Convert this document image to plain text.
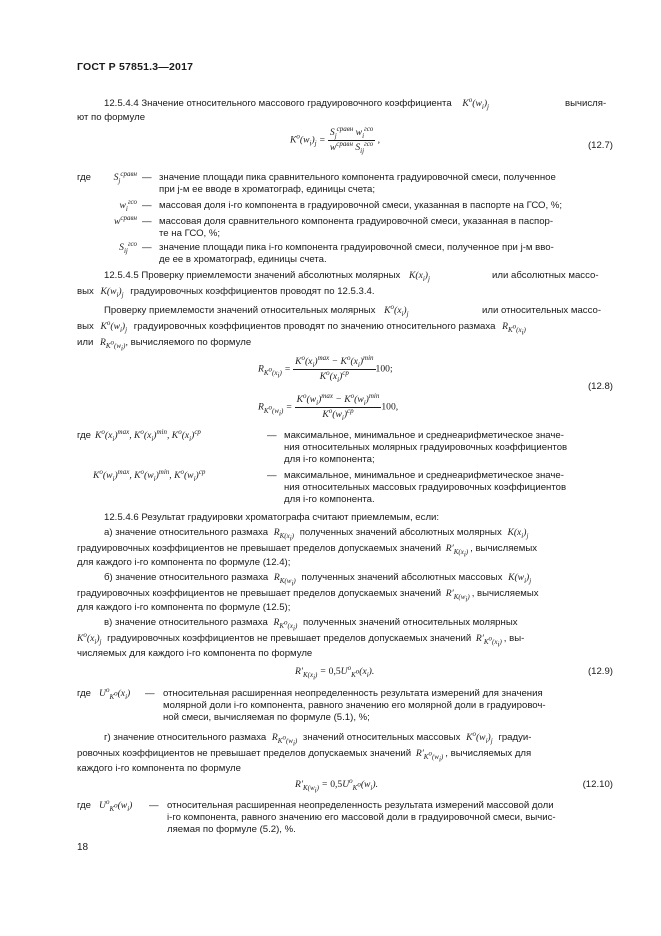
ГОСТ Р 57851.3—2017
12.5.4.4 Значение относительного массового градуировочного коэффициента $K^o(w_i)_j$	вычисля-
ют по формуле
$K^o(w_i)_j = \frac{S_j^{сравн} w_i^{гсо}}{w^{сравн} S_{ij}^{гсо}}$ ,	(12.7)
где	$S_j^{сравн}$ — значение площади пика сравнительного компонента градуировочной смеси, полученное
при j-м ее вводе в хроматограф, единицы счета;
$w_i^{гсо}$ — массовая доля i-го компонента в градуировочной смеси, указанная в паспорте на ГСО, %;
$w^{сравн}$ — массовая доля сравнительного компонента градуировочной смеси, указанная в паспор-
те на ГСО, %;
$S_{ij}^{гсо}$ — значение площади пика i-го компонента градуировочной смеси, полученное при j-м вво-
де ее в хроматограф, единицы счета.
12.5.4.5 Проверку приемлемости значений абсолютных молярных $K(x_i)_j$	или абсолютных массо-
вых $K(w_i)_j$ градуировочных коэффициентов проводят по 12.5.3.4.
Проверку приемлемости значений относительных молярных $K^o(x_i)_j$	или относительных массо-
вых $K^o(w_i)_j$ градуировочных коэффициентов проводят по значению относительного размаха $R_{K^o(x_i)}$
или $R_{K^o(w_i)}$, вычисляемого по формуле
$R_{K^o(x_i)} = \frac{K^o(x_i)^{max} - K^o(x_i)^{min}}{K^o(x_i)^{ср}} 100$;
(12.8)
$R_{K^o(w_i)} = \frac{K^o(w_i)^{max} - K^o(w_i)^{min}}{K^o(w_i)^{ср}} 100$,
где $K^o(x_i)^{max}$, $K^o(x_i)^{min}$, $K^o(x_i)^{ср}$	— максимальное, минимальное и среднеарифметическое значе-
ния относительных молярных градуировочных коэффициентов
для i-го компонента;
$K^o(w_i)^{max}$, $K^o(w_i)^{min}$, $K^o(w_i)^{ср}$	— максимальное, минимальное и среднеарифметическое значе-
ния относительных массовых градуировочных коэффициентов
для i-го компонента.
12.5.4.6 Результат градуировки хроматографа считают приемлемым, если:
а) значение относительного размаха $R_{K(x_i)}$ полученных значений абсолютных молярных $K(x_i)_j$
градуировочных коэффициентов не превышает пределов допускаемых значений $R'_{K(x_i)}$ , вычисляемых
для каждого i-го компонента по формуле (12.4);
б) значение относительного размаха $R_{K(w_i)}$ полученных значений абсолютных массовых $K(w_i)_j$
градуировочных коэффициентов не превышает пределов допускаемых значений $R'_{K(w_i)}$ , вычисляемых
для каждого i-го компонента по формуле (12.5);
в) значение относительного размаха $R_{K^o(x_i)}$ полученных значений относительных молярных
$K^o(x_i)_j$ градуировочных коэффициентов не превышает пределов допускаемых значений $R'_{K^o(x_i)}$ , вы-
числяемых для каждого i-го компонента по формуле
$R'_{K(x_i)} = 0,5U^o_{K^o}(x_i)$.	(12.9)
где $U^o_{K^o}(x_i)$ — относительная расширенная неопределенность результата измерений для значения
молярной доли i-го компонента, равного значению его молярной доли в градуировоч-
ной смеси, вычисляемая по формуле (5.1), %;
г) значение относительного размаха $R_{K^o(w_i)}$ значений относительных массовых $K^o(w_i)_j$ градуи-
ровочных коэффициентов не превышает пределов допускаемых значений $R'_{K^o(w_i)}$ , вычисляемых для
каждого i-го компонента по формуле
$R'_{K(w_i)} = 0,5U^o_{K^o}(w_i)$.	(12.10)
где $U^o_{K^o}(w_i)$ — относительная расширенная неопределенность результата измерений массовой доли
i-го компонента, равного значению его массовой доли в градуировочной смеси, вычис-
ляемая по формуле (5.2), %.
18
